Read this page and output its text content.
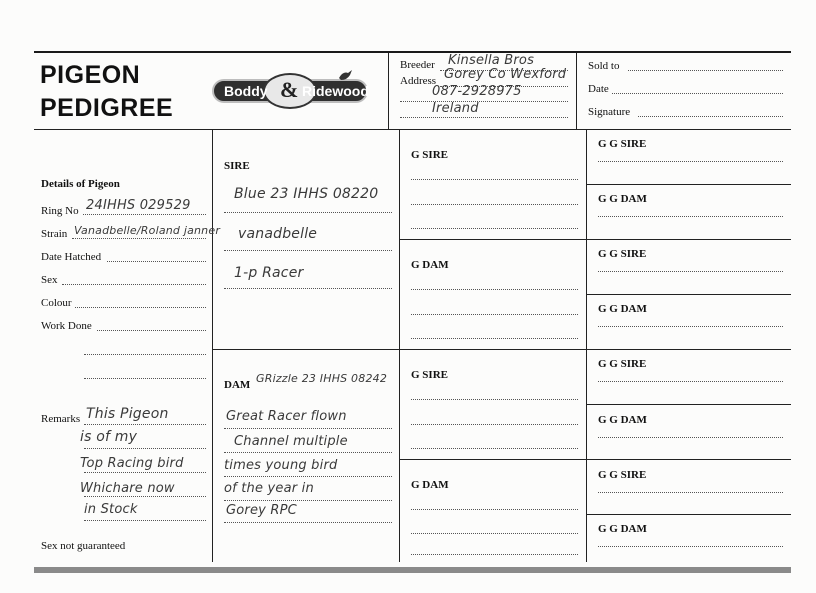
PIGEON
PEDIGREE
Boddy & Ridewood
Breeder Kinsella Bros
Address Gorey Co Wexford
087-2928975
Ireland
Sold to
Date
Signature
Details of Pigeon
Ring No 24IHHS 029529
Strain Vanadbelle/Roland janner
Date Hatched
Sex
Colour
Work Done
Remarks This Pigeon
is of my
Top Racing bird
Whichare now
in Stock
Sex not guaranteed
SIRE
Blue 23 IHHS 08220
vanadbelle
1-p Racer
DAM GRizzle 23 IHHS 08242
Great Racer flown
Channel multiple
times young bird
of the year in
Gorey RPC
G SIRE
G DAM
G SIRE
G DAM
G G SIRE
G G DAM
G G SIRE
G G DAM
G G SIRE
G G DAM
G G SIRE
G G DAM
